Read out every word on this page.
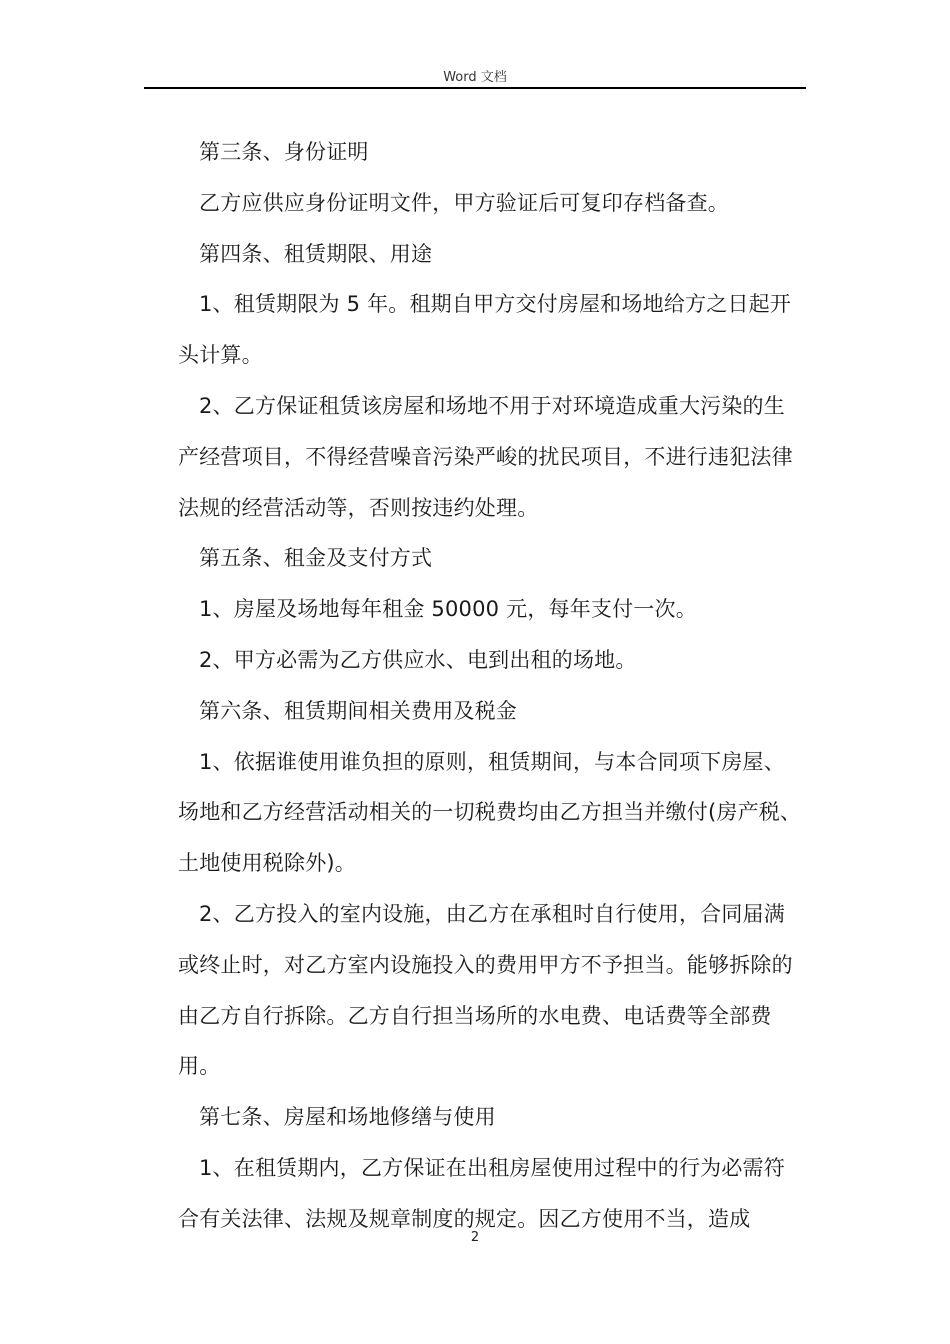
Word 文档

第三条、身份证明

乙方应供应身份证明文件，甲方验证后可复印存档备查。

第四条、租赁期限、用途

1、租赁期限为 5 年。租期自甲方交付房屋和场地给方之日起开头计算。

2、乙方保证租赁该房屋和场地不用于对环境造成重大污染的生产经营项目，不得经营噪音污染严峻的扰民项目，不进行违犯法律法规的经营活动等，否则按违约处理。

第五条、租金及支付方式

1、房屋及场地每年租金 50000 元，每年支付一次。

2、甲方必需为乙方供应水、电到出租的场地。

第六条、租赁期间相关费用及税金

1、依据谁使用谁负担的原则，租赁期间，与本合同项下房屋、场地和乙方经营活动相关的一切税费均由乙方担当并缴付(房产税、土地使用税除外)。

2、乙方投入的室内设施，由乙方在承租时自行使用，合同届满或终止时，对乙方室内设施投入的费用甲方不予担当。能够拆除的由乙方自行拆除。乙方自行担当场所的水电费、电话费等全部费用。

第七条、房屋和场地修缮与使用

1、在租赁期内，乙方保证在出租房屋使用过程中的行为必需符合有关法律、法规及规章制度的规定。因乙方使用不当，造成

2
